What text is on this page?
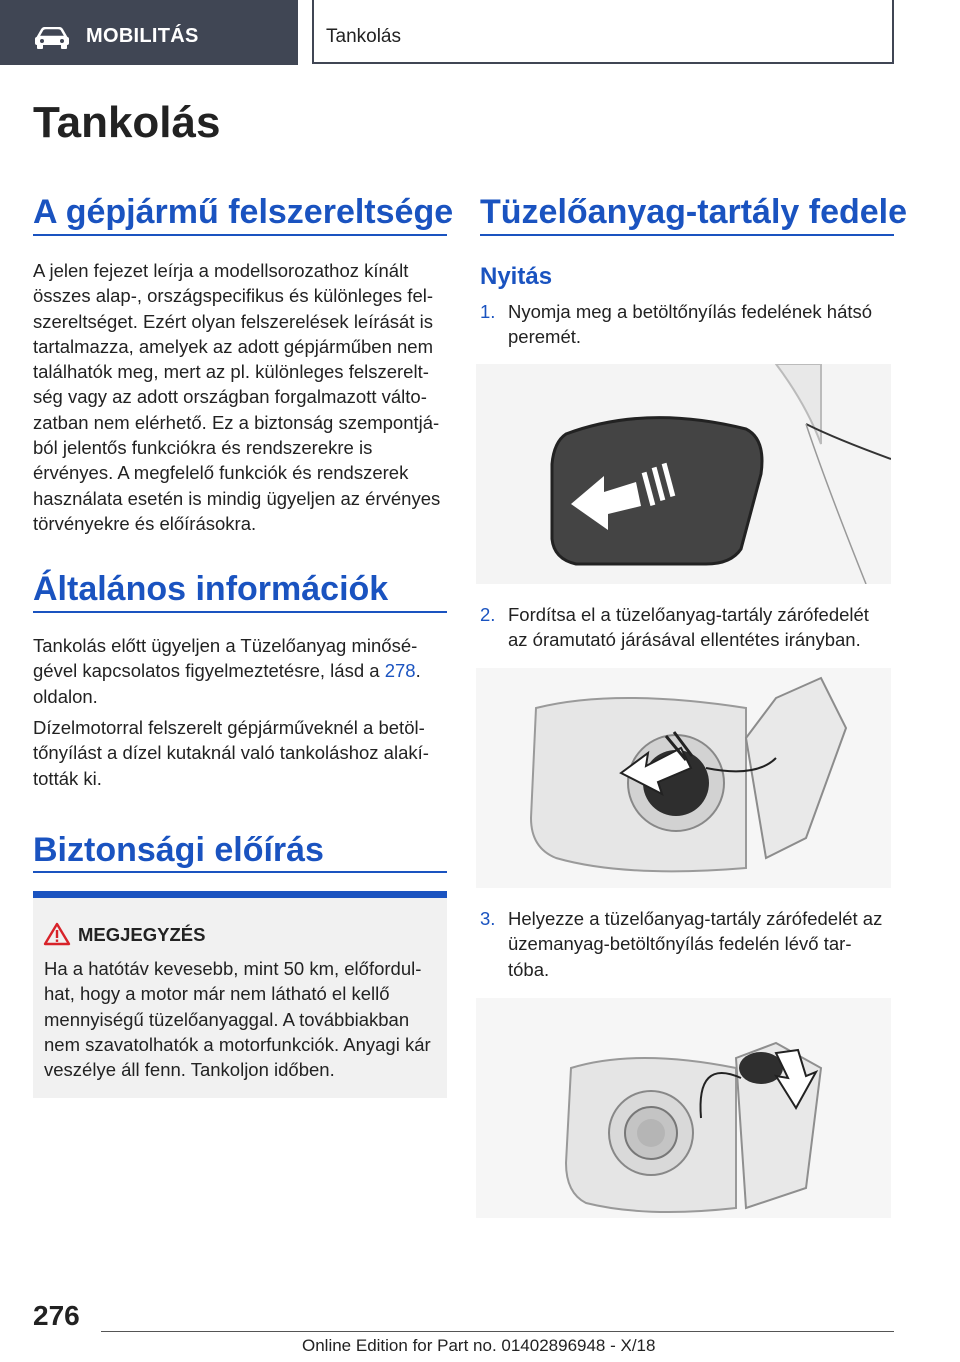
MOBILITÁS	Tankolás
Tankolás
A gépjármű felszereltsége
A jelen fejezet leírja a modellsorozathoz kínált
összes alap-, országspecifikus és különleges fel-
szereltséget. Ezért olyan felszerelések leírását is
tartalmazza, amelyek az adott gépjárműben nem
találhatók meg, mert az pl. különleges felszerelt-
ség vagy az adott országban forgalmazott válto-
zatban nem elérhető. Ez a biztonság szempontjá-
ból jelentős funkciókra és rendszerekre is
érvényes. A megfelelő funkciók és rendszerek
használata esetén is mindig ügyeljen az érvényes
törvényekre és előírásokra.
Általános információk
Tankolás előtt ügyeljen a Tüzelőanyag minősé-
gével kapcsolatos figyelmeztetésre, lásd a 278.
oldalon.
Dízelmotorral felszerelt gépjárműveknél a betöl-
tőnyílást a dízel kutaknál való tankoláshoz alakí-
tották ki.
Biztonsági előírás
MEGJEGYZÉS
Ha a hatótáv kevesebb, mint 50 km, előfordul-
hat, hogy a motor már nem látható el kellő
mennyiségű tüzelőanyaggal. A továbbiakban
nem szavatolhatók a motorfunkciók. Anyagi kár
veszélye áll fenn. Tankoljon időben.
Tüzelőanyag-tartály fedele
Nyitás
1. Nyomja meg a betöltőnyílás fedelének hátsó
peremét.
2. Fordítsa el a tüzelőanyag-tartály zárófedelét
az óramutató járásával ellentétes irányban.
3. Helyezze a tüzelőanyag-tartály zárófedelét az
üzemanyag-betöltőnyílás fedelén lévő tar-
tóba.
276
Online Edition for Part no. 01402896948 - X/18
